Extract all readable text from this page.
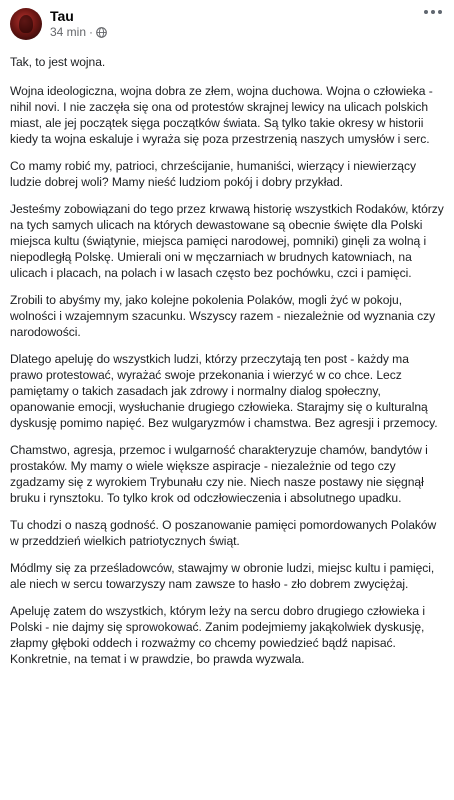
Tau
34 min ·

Tak, to jest wojna.

Wojna ideologiczna, wojna dobra ze złem, wojna duchowa. Wojna o człowieka - nihil novi. I nie zaczęła się ona od protestów skrajnej lewicy na ulicach polskich miast, ale jej początek sięga początków świata. Są tylko takie okresy w historii kiedy ta wojna eskaluje i wyraża się poza przestrzenią naszych umysłów i serc.

Co mamy robić my, patrioci, chrześcijanie, humaniści, wierzący i niewierzący ludzie dobrej woli? Mamy nieść ludziom pokój i dobry przykład.

Jesteśmy zobowiązani do tego przez krwawą historię wszystkich Rodaków, którzy na tych samych ulicach na których dewastowane są obecnie święte dla Polski miejsca kultu (świątynie, miejsca pamięci narodowej, pomniki) ginęli za wolną i niepodległą Polskę. Umierali oni w męczarniach w brudnych katowniach, na ulicach i placach, na polach i w lasach często bez pochówku, czci i pamięci.

Zrobili to abyśmy my, jako kolejne pokolenia Polaków, mogli żyć w pokoju, wolności i wzajemnym szacunku. Wszyscy razem - niezależnie od wyznania czy narodowości.

Dlatego apeluję do wszystkich ludzi, którzy przeczytają ten post - każdy ma prawo protestować, wyrażać swoje przekonania i wierzyć w co chce. Lecz pamiętamy o takich zasadach jak zdrowy i normalny dialog społeczny, opanowanie emocji, wysłuchanie drugiego człowieka. Starajmy się o kulturalną dyskusję pomimo napięć. Bez wulgaryzmów i chamstwa. Bez agresji i przemocy.

Chamstwo, agresja, przemoc i wulgarność charakteryzuje chamów, bandytów i prostaków. My mamy o wiele większe aspiracje - niezależnie od tego czy zgadzamy się z wyrokiem Trybunału czy nie. Niech nasze postawy nie sięgnął bruku i rynsztoku. To tylko krok od odczłowieczenia i absolutnego upadku.

Tu chodzi o naszą godność. O poszanowanie pamięci pomordowanych Polaków w przeddzień wielkich patriotycznych świąt.

Módlmy się za prześladowców, stawajmy w obronie ludzi, miejsc kultu i pamięci, ale niech w sercu towarzyszy nam zawsze to hasło - zło dobrem zwyciężaj.

Apeluję zatem do wszystkich, którym leży na sercu dobro drugiego człowieka i Polski - nie dajmy się sprowokować. Zanim podejmiemy jakąkolwiek dyskusję, złapmy głęboki oddech i rozważmy co chcemy powiedzieć bądź napisać. Konkretnie, na temat i w prawdzie, bo prawda wyzwala.
